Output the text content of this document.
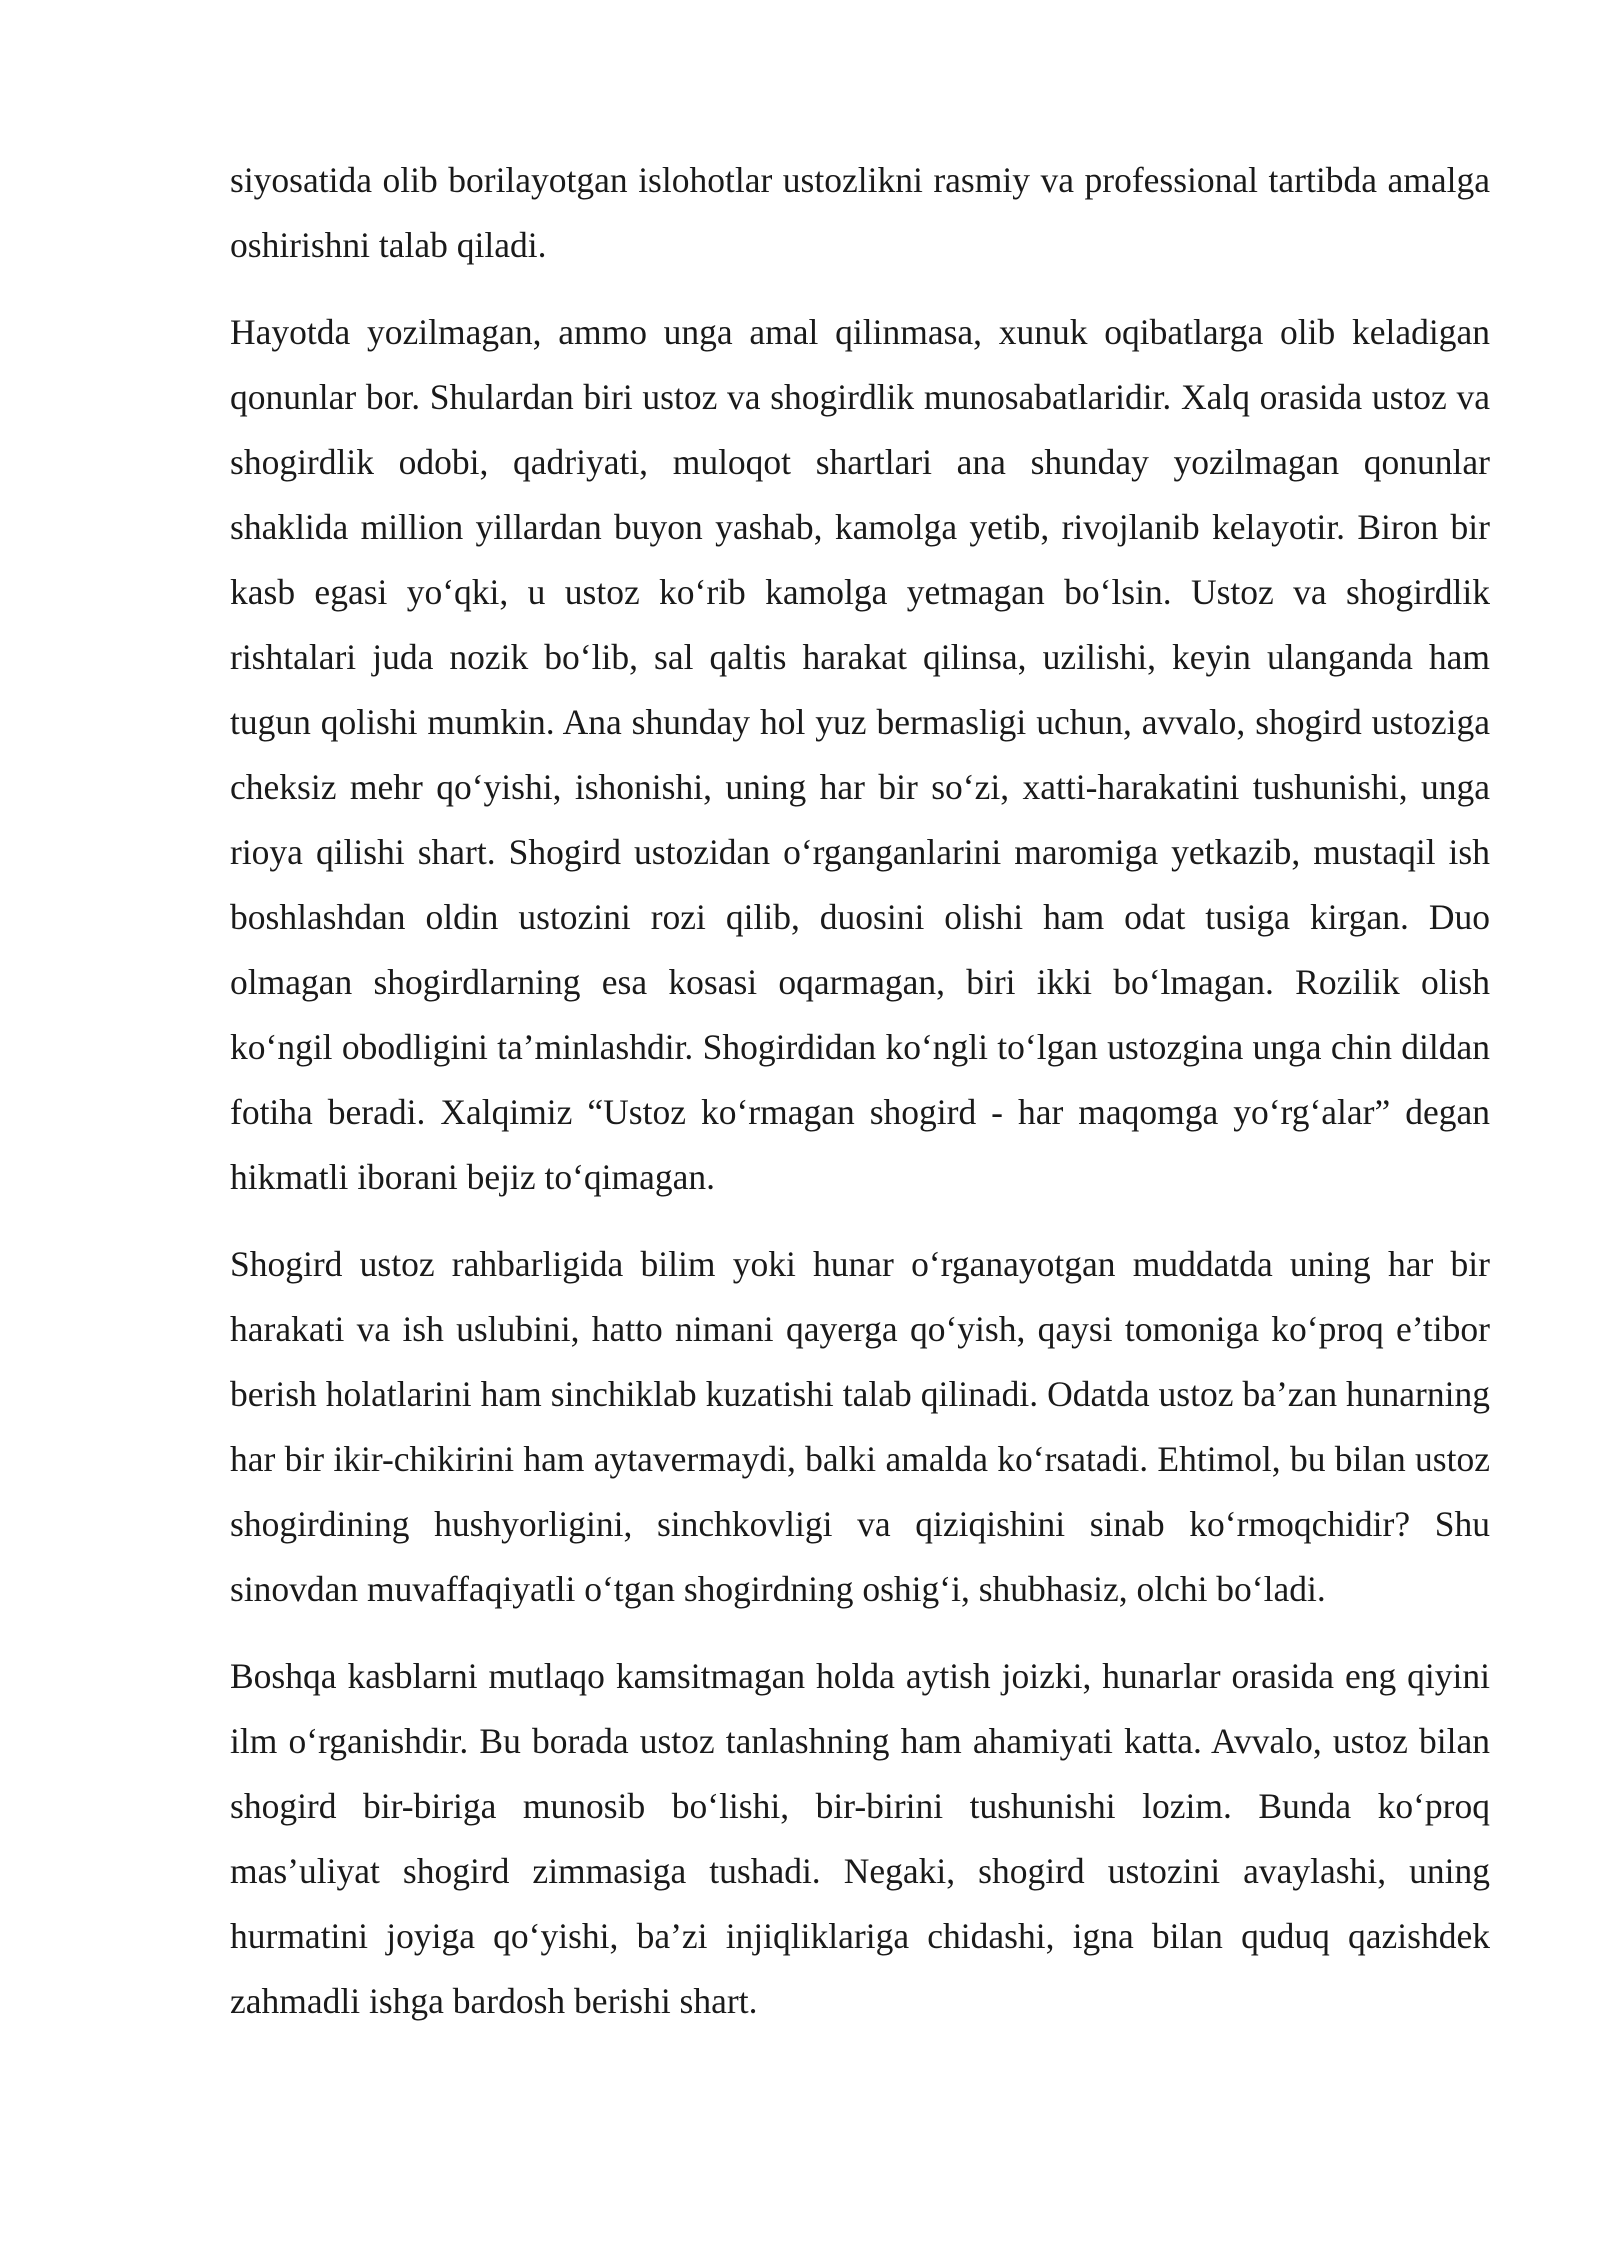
siyosatida olib borilayotgan islohotlar ustozlikni rasmiy va professional tartibda amalga oshirishni talab qiladi.

Hayotda yozilmagan, ammo unga amal qilinmasa, xunuk oqibatlarga olib keladigan qonunlar bor. Shulardan biri ustoz va shogirdlik munosabatlaridir. Xalq orasida ustoz va shogirdlik odobi, qadriyati, muloqot shartlari ana shunday yozilmagan qonunlar shaklida million yillardan buyon yashab, kamolga yetib, rivojlanib kelayotir. Biron bir kasb egasi yo‘qki, u ustoz ko‘rib kamolga yetmagan bo‘lsin. Ustoz va shogirdlik rishtalari juda nozik bo‘lib, sal qaltis harakat qilinsa, uzilishi, keyin ulanganda ham tugun qolishi mumkin. Ana shunday hol yuz bermasligi uchun, avvalo, shogird ustoziga cheksiz mehr qo‘yishi, ishonishi, uning har bir so‘zi, xatti-harakatini tushunishi, unga rioya qilishi shart. Shogird ustozidan o‘rganganlarini maromiga yetkazib, mustaqil ish boshlashdan oldin ustozini rozi qilib, duosini olishi ham odat tusiga kirgan. Duo olmagan shogirdlarning esa kosasi oqarmagan, biri ikki bo‘lmagan. Rozilik olish ko‘ngil obodligini ta’minlashdir. Shogirdidan ko‘ngli to‘lgan ustozgina unga chin dildan fotiha beradi. Xalqimiz “Ustoz ko‘rmagan shogird - har maqomga yo‘rg‘alar” degan hikmatli iborani bejiz to‘qimagan.

Shogird ustoz rahbarligida bilim yoki hunar o‘rganayotgan muddatda uning har bir harakati va ish uslubini, hatto nimani qayerga qo‘yish, qaysi tomoniga ko‘proq e’tibor berish holatlarini ham sinchiklab kuzatishi talab qilinadi. Odatda ustoz ba’zan hunarning har bir ikir-chikirini ham aytavermaydi, balki amalda ko‘rsatadi. Ehtimol, bu bilan ustoz shogirdining hushyorligini, sinchkovligi va qiziqishini sinab ko‘rmoqchidir? Shu sinovdan muvaffaqiyatli o‘tgan shogirdning oshig‘i, shubhasiz, olchi bo‘ladi.

Boshqa kasblarni mutlaqo kamsitmagan holda aytish joizki, hunarlar orasida eng qiyini ilm o‘rganishdir. Bu borada ustoz tanlashning ham ahamiyati katta. Avvalo, ustoz bilan shogird bir-biriga munosib bo‘lishi, bir-birini tushunishi lozim. Bunda ko‘proq mas’uliyat shogird zimmasiga tushadi. Negaki, shogird ustozini avaylashi, uning hurmatini joyiga qo‘yishi, ba’zi injiqliklariga chidashi, igna bilan quduq qazishdek zahmadli ishga bardosh berishi shart.
